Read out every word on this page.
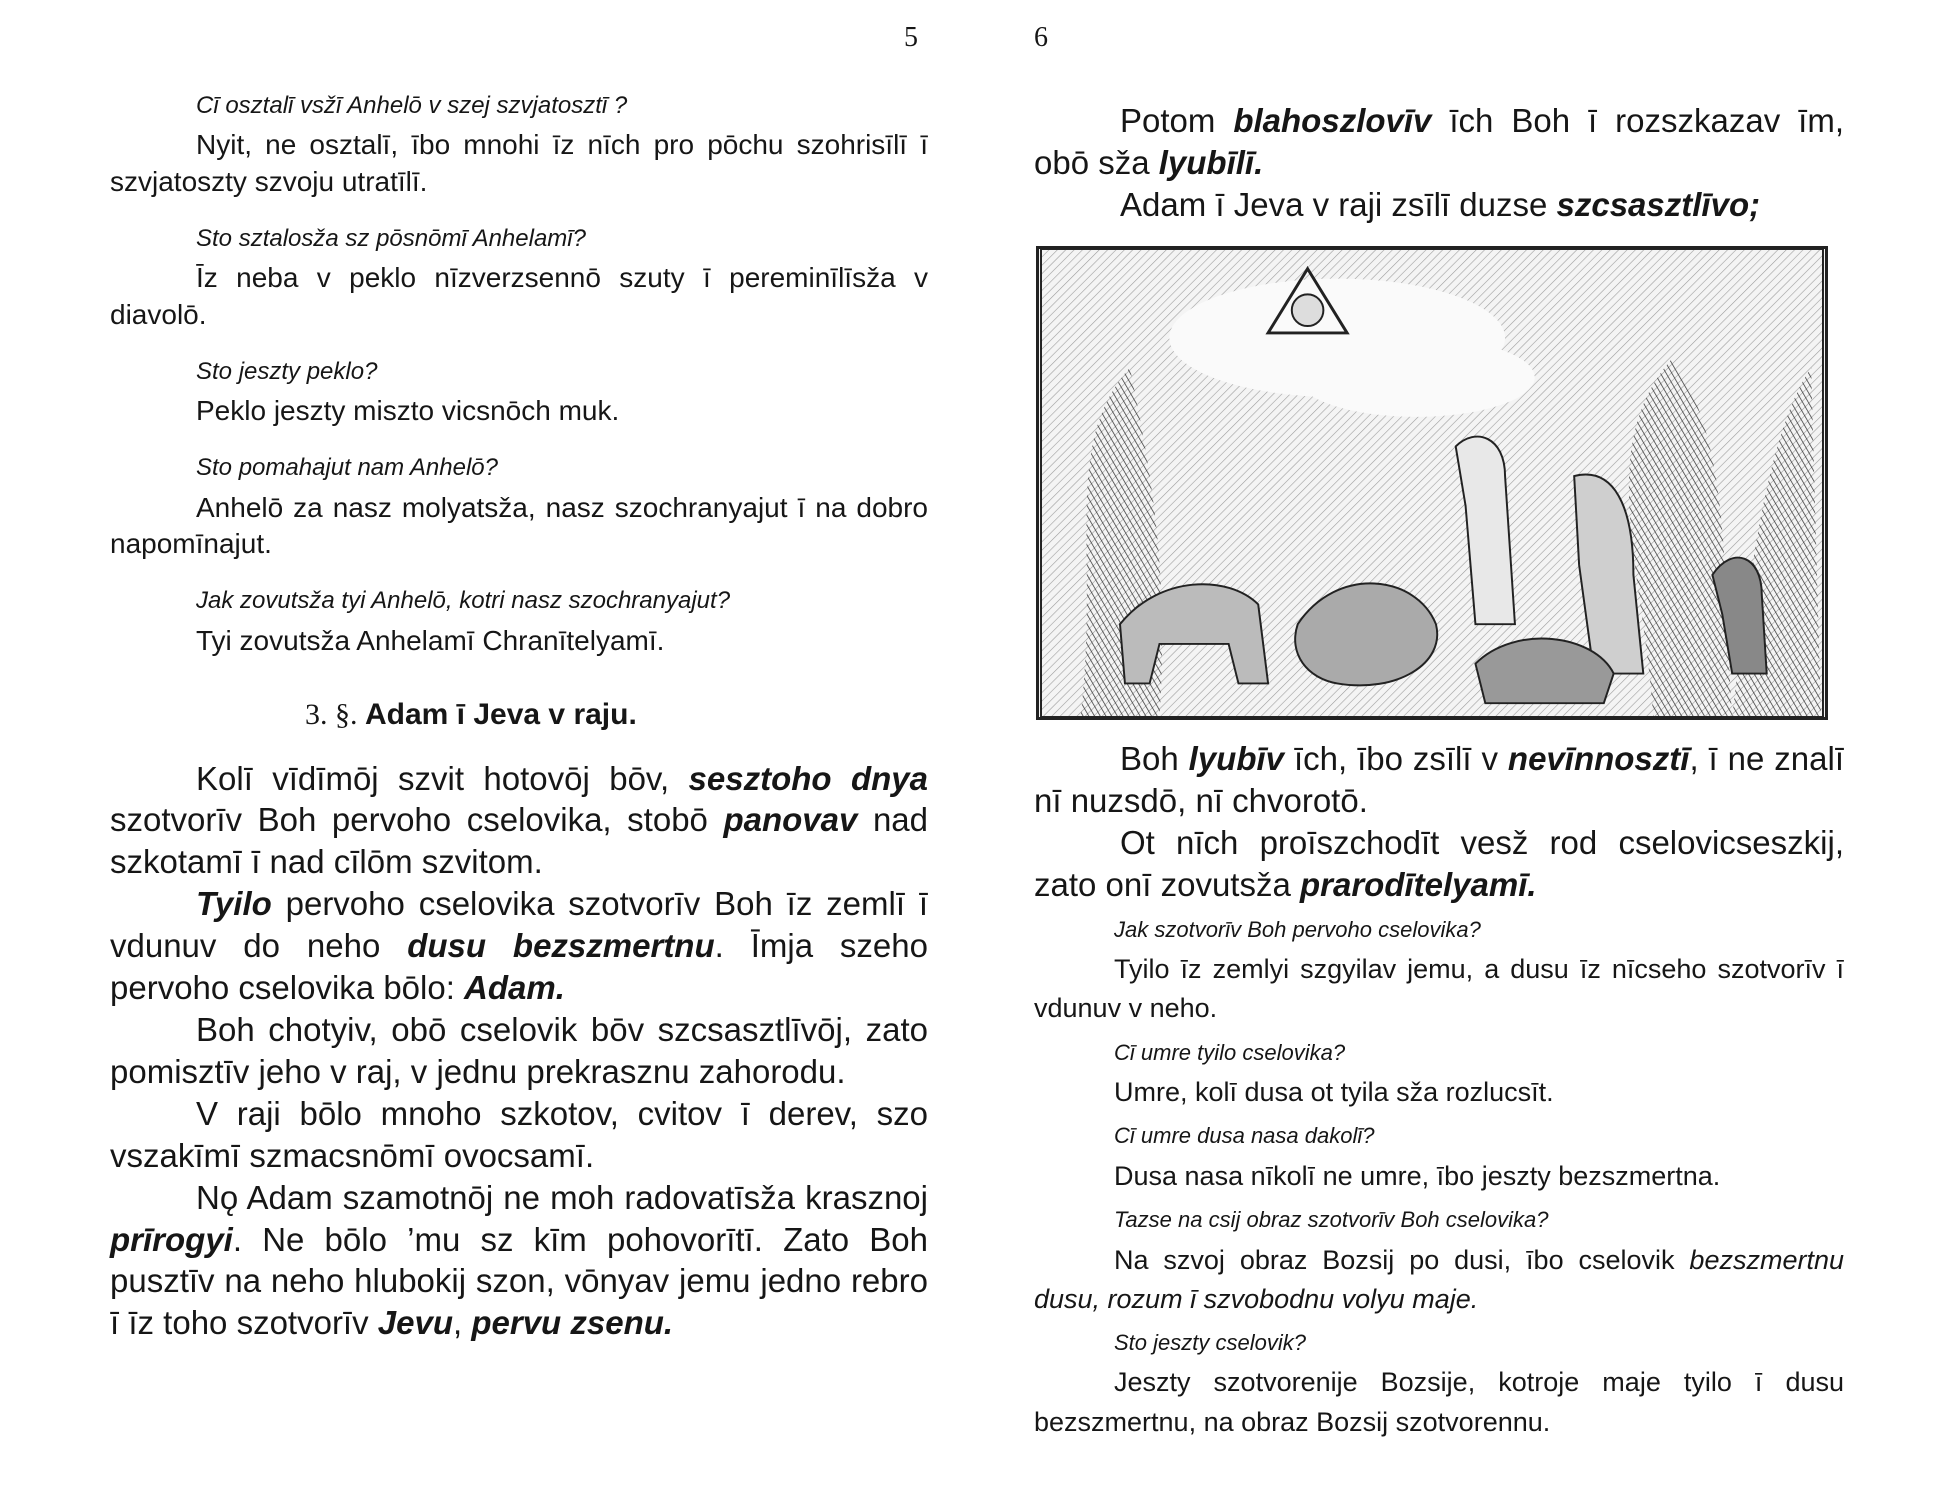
5	6
Cī osztalī vsžī Anhelō v szej szvjatosztī ?
Nyit, ne osztalī, ībo mnohi īz nīch pro pōchu szohrisīlī ī szvjatoszty szvoju utratīlī.
Sto sztalosža sz pōsnōmī Anhelamī?
Īz neba v peklo nīzverzsennō szuty ī pereminīlīsža v diavolō.
Sto jeszty peklo?
Peklo jeszty miszto vicsnōch muk.
Sto pomahajut nam Anhelō?
Anhelō za nasz molyatsža, nasz szochranyajut ī na dobro napomīnajut.
Jak zovutsža tyi Anhelō, kotri nasz szochranyajut?
Tyi zovutsža Anhelamī Chranītelyamī.
3. §. Adam ī Jeva v raju.

Kolī vīdīmōj szvit hotovōj bōv, sesztoho dnya szotvorīv Boh pervoho cselovika, stobō panovav nad szkotamī ī nad cīlōm szvitom.

Tyilo pervoho cselovika szotvorīv Boh īz zemlī ī vdunuv do neho dusu bezszmertnu. Īmja szeho pervoho cselovika bōlo: Adam.

Boh chotyiv, obō cselovik bōv szcsasztlīvōj, zato pomisztīv jeho v raj, v jednu prekrasznu zahorodu.

V raji bōlo mnoho szkotov, cvitov ī derev, szo vszakīmī szmacsnōmī ovocsamī.

Nǫ Adam szamotnōj ne moh radovatīsža krasznoj prīrogyi. Ne bōlo ’mu sz kīm pohovorītī. Zato Boh pusztīv na neho hlubokij szon, vōnyav jemu jedno rebro ī īz toho szotvorīv Jevu, pervu zsenu.

Potom blahoszlovīv īch Boh ī rozszkazav īm, obō sža lyubīlī.

Adam ī Jeva v raji zsīlī duzse szcsasztlīvo;

Boh lyubīv īch, ībo zsīlī v nevīnnosztī, ī ne znalī nī nuzsdō, nī chvorotō.

Ot nīch proīszchodīt vesž rod cselovicseszkij, zato onī zovutsža prarodītelyamī.

Jak szotvorīv Boh pervoho cselovika?
Tyilo īz zemlyi szgyilav jemu, a dusu īz nīcseho szotvorīv ī vdunuv v neho.
Cī umre tyilo cselovika?
Umre, kolī dusa ot tyila sža rozlucsīt.
Cī umre dusa nasa dakolī?
Dusa nasa nīkolī ne umre, ībo jeszty bezszmertna.
Tazse na csij obraz szotvorīv Boh cselovika?
Na szvoj obraz Bozsij po dusi, ībo cselovik bezszmertnu dusu, rozum ī szvobodnu volyu maje.
Sto jeszty cselovik?
Jeszty szotvorenije Bozsije, kotroje maje tyilo ī dusu bezszmertnu, na obraz Bozsij szotvorennu.
